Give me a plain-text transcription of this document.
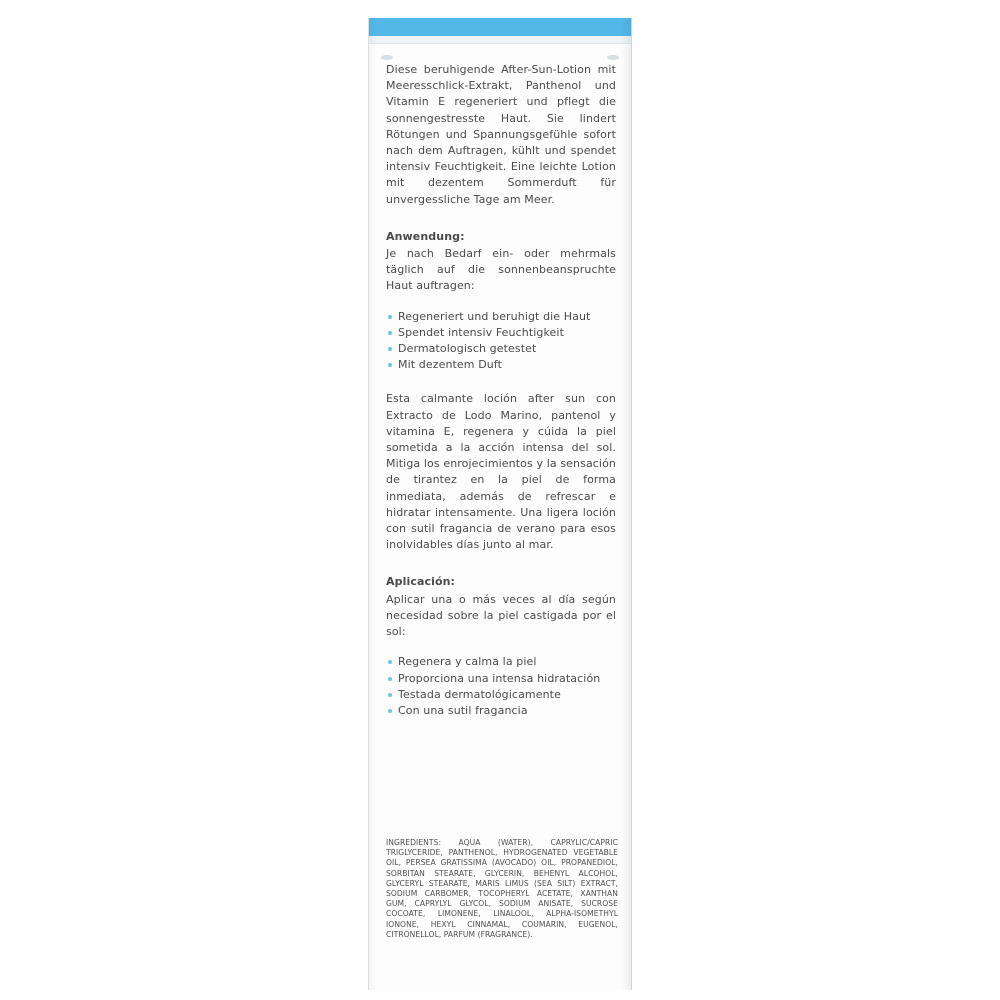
Diese beruhigende After-Sun-Lotion mit Meeresschlick-Extrakt, Panthenol und Vitamin E regeneriert und pflegt die sonnengestresste Haut. Sie lindert Rötungen und Spannungsgefühle sofort nach dem Auftragen, kühlt und spendet intensiv Feuchtigkeit. Eine leichte Lotion mit dezentem Sommerduft für unvergessliche Tage am Meer.

Anwendung:

Je nach Bedarf ein- oder mehrmals täglich auf die sonnenbeanspruchte Haut auftragen:

Regeneriert und beruhigt die Haut
Spendet intensiv Feuchtigkeit
Dermatologisch getestet
Mit dezentem Duft

Esta calmante loción after sun con Extracto de Lodo Marino, pantenol y vitamina E, regenera y cúida la piel sometida a la acción intensa del sol. Mitiga los enrojecimientos y la sensación de tirantez en la piel de forma inmediata, además de refrescar e hidratar intensamente. Una ligera loción con sutil fragancia de verano para esos inolvidables días junto al mar.

Aplicación:

Aplicar una o más veces al día según necesidad sobre la piel castigada por el sol:

Regenera y calma la piel
Proporciona una intensa hidratación
Testada dermatológicamente
Con una sutil fragancia

INGREDIENTS: AQUA (WATER), CAPRYLIC/CAPRIC TRIGLYCERIDE, PANTHENOL, HYDROGENATED VEGETABLE OIL, PERSEA GRATISSIMA (AVOCADO) OIL, PROPANEDIOL, SORBITAN STEARATE, GLYCERIN, BEHENYL ALCOHOL, GLYCERYL STEARATE, MARIS LIMUS (SEA SILT) EXTRACT, SODIUM CARBOMER, TOCOPHERYL ACETATE, XANTHAN GUM, CAPRYLYL GLYCOL, SODIUM ANISATE, SUCROSE COCOATE, LIMONENE, LINALOOL, ALPHA-ISOMETHYL IONONE, HEXYL CINNAMAL, COUMARIN, EUGENOL, CITRONELLOL, PARFUM (FRAGRANCE).
